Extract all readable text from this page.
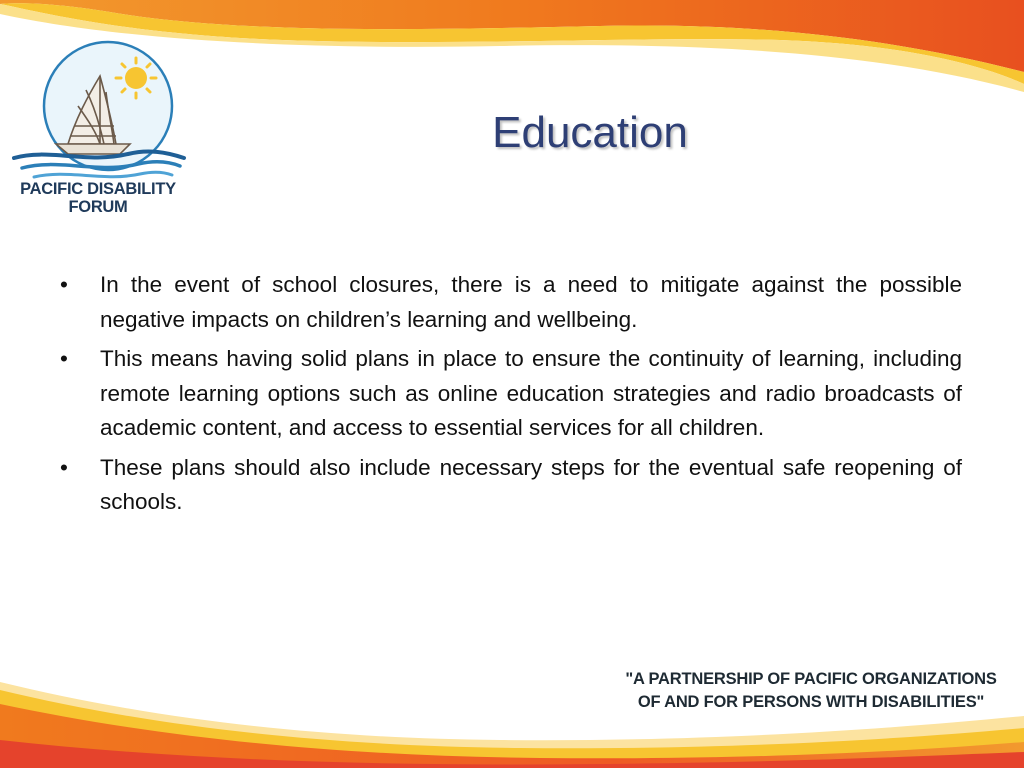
PACIFIC DISABILITY
FORUM
Education
•	In the event of school closures, there is a need to mitigate against the possible negative impacts on children’s learning and wellbeing.
•	This means having solid plans in place to ensure the continuity of learning, including remote learning options such as online education strategies and radio broadcasts of academic content, and access to essential services for all children.
•	These plans should also include necessary steps for the eventual safe reopening of schools.
"A PARTNERSHIP OF PACIFIC ORGANIZATIONS
OF AND FOR PERSONS WITH DISABILITIES"
